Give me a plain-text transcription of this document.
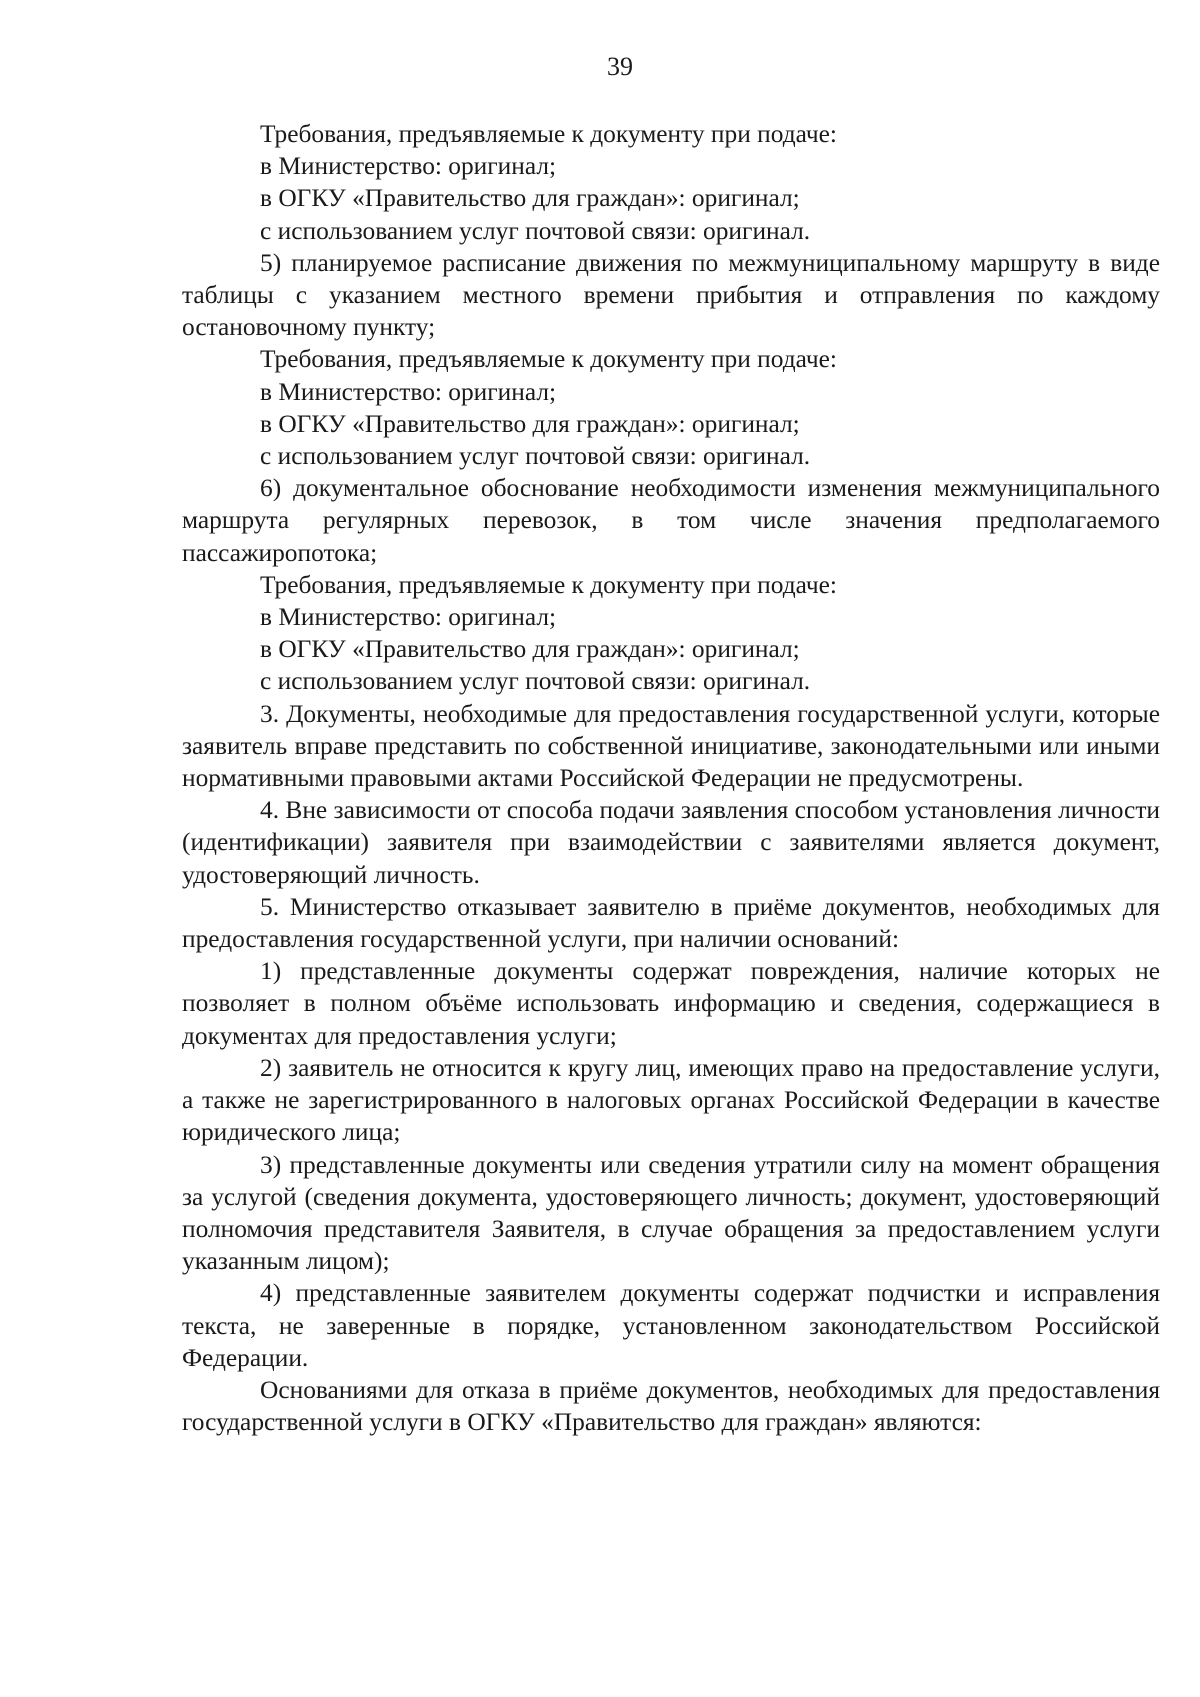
39

Требования, предъявляемые к документу при подаче:

в Министерство: оригинал;

в ОГКУ «Правительство для граждан»: оригинал;

с использованием услуг почтовой связи: оригинал.

5) планируемое расписание движения по межмуниципальному маршруту в виде таблицы с указанием местного времени прибытия и отправления по каждому остановочному пункту;

Требования, предъявляемые к документу при подаче:

в Министерство: оригинал;

в ОГКУ «Правительство для граждан»: оригинал;

с использованием услуг почтовой связи: оригинал.

6) документальное обоснование необходимости изменения межмуниципального маршрута регулярных перевозок, в том числе значения предполагаемого пассажиропотока;

Требования, предъявляемые к документу при подаче:

в Министерство: оригинал;

в ОГКУ «Правительство для граждан»: оригинал;

с использованием услуг почтовой связи: оригинал.

3. Документы, необходимые для предоставления государственной услуги, которые заявитель вправе представить по собственной инициативе, законодательными или иными нормативными правовыми актами Российской Федерации не предусмотрены.

4. Вне зависимости от способа подачи заявления способом установления личности (идентификации) заявителя при взаимодействии с заявителями является документ, удостоверяющий личность.

5. Министерство отказывает заявителю в приёме документов, необходимых для предоставления государственной услуги, при наличии оснований:

1) представленные документы содержат повреждения, наличие которых не позволяет в полном объёме использовать информацию и сведения, содержащиеся в документах для предоставления услуги;

2) заявитель не относится к кругу лиц, имеющих право на предоставление услуги, а также не зарегистрированного в налоговых органах Российской Федерации в качестве юридического лица;

3) представленные документы или сведения утратили силу на момент обращения за услугой (сведения документа, удостоверяющего личность; документ, удостоверяющий полномочия представителя Заявителя, в случае обращения за предоставлением услуги указанным лицом);

4) представленные заявителем документы содержат подчистки и исправления текста, не заверенные в порядке, установленном законодательством Российской Федерации.

Основаниями для отказа в приёме документов, необходимых для предоставления государственной услуги в ОГКУ «Правительство для граждан» являются:
